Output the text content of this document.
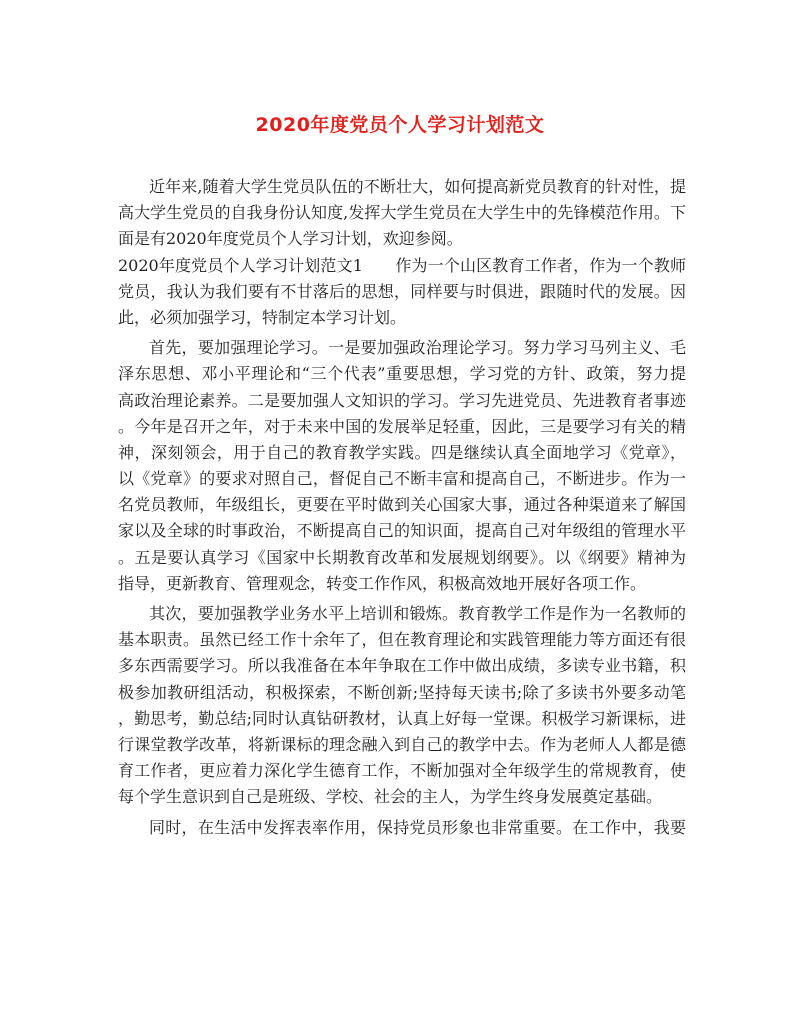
2020年度党员个人学习计划范文
近年来,随着大学生党员队伍的不断壮大，如何提高新党员教育的针对性，提
高大学生党员的自我身份认知度,发挥大学生党员在大学生中的先锋模范作用。下
面是有2020年度党员个人学习计划，欢迎参阅。
2020年度党员个人学习计划范文1　　作为一个山区教育工作者，作为一个教师
党员，我认为我们要有不甘落后的思想，同样要与时俱进，跟随时代的发展。因
此，必须加强学习，特制定本学习计划。
首先，要加强理论学习。一是要加强政治理论学习。努力学习马列主义、毛
泽东思想、邓小平理论和“三个代表”重要思想，学习党的方针、政策，努力提
高政治理论素养。二是要加强人文知识的学习。学习先进党员、先进教育者事迹
。今年是召开之年，对于未来中国的发展举足轻重，因此，三是要学习有关的精
神，深刻领会，用于自己的教育教学实践。四是继续认真全面地学习《党章》，
以《党章》的要求对照自己，督促自己不断丰富和提高自己，不断进步。作为一
名党员教师，年级组长，更要在平时做到关心国家大事，通过各种渠道来了解国
家以及全球的时事政治，不断提高自己的知识面，提高自己对年级组的管理水平
。五是要认真学习《国家中长期教育改革和发展规划纲要》。以《纲要》精神为
指导，更新教育、管理观念，转变工作作风，积极高效地开展好各项工作。
其次，要加强教学业务水平上培训和锻炼。教育教学工作是作为一名教师的
基本职责。虽然已经工作十余年了，但在教育理论和实践管理能力等方面还有很
多东西需要学习。所以我准备在本年争取在工作中做出成绩，多读专业书籍，积
极参加教研组活动，积极探索，不断创新;坚持每天读书;除了多读书外要多动笔
，勤思考，勤总结;同时认真钻研教材，认真上好每一堂课。积极学习新课标，进
行课堂教学改革，将新课标的理念融入到自己的教学中去。作为老师人人都是德
育工作者，更应着力深化学生德育工作，不断加强对全年级学生的常规教育，使
每个学生意识到自己是班级、学校、社会的主人，为学生终身发展奠定基础。
同时，在生活中发挥表率作用，保持党员形象也非常重要。在工作中，我要
